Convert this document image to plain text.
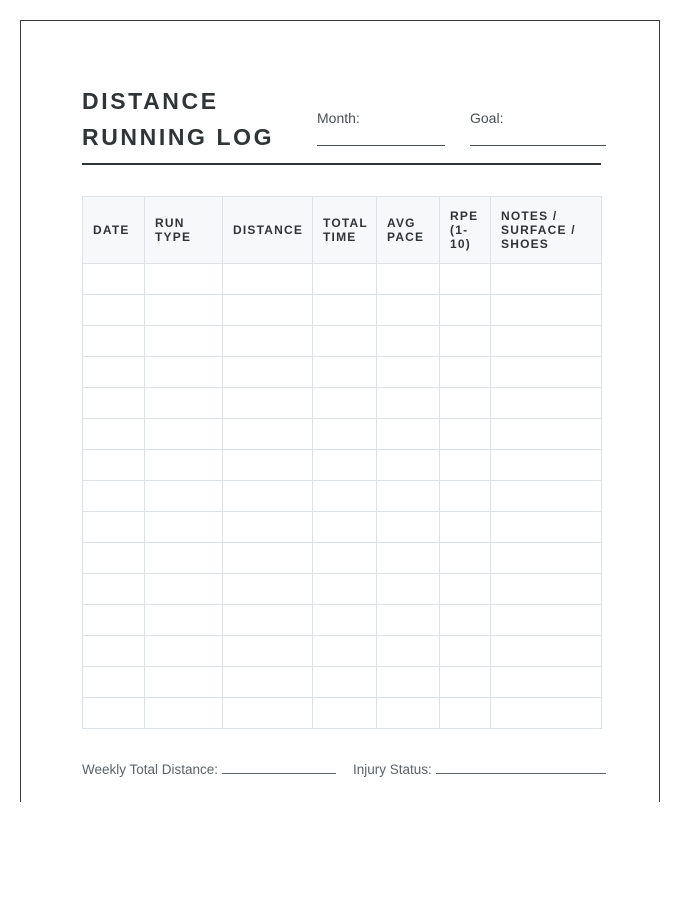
DISTANCE
RUNNING LOG
Month:	Goal:
DATE	RUN TYPE	DISTANCE	TOTAL TIME	AVG PACE	RPE (1-10)	NOTES / SURFACE / SHOES

Weekly Total Distance:	Injury Status:
